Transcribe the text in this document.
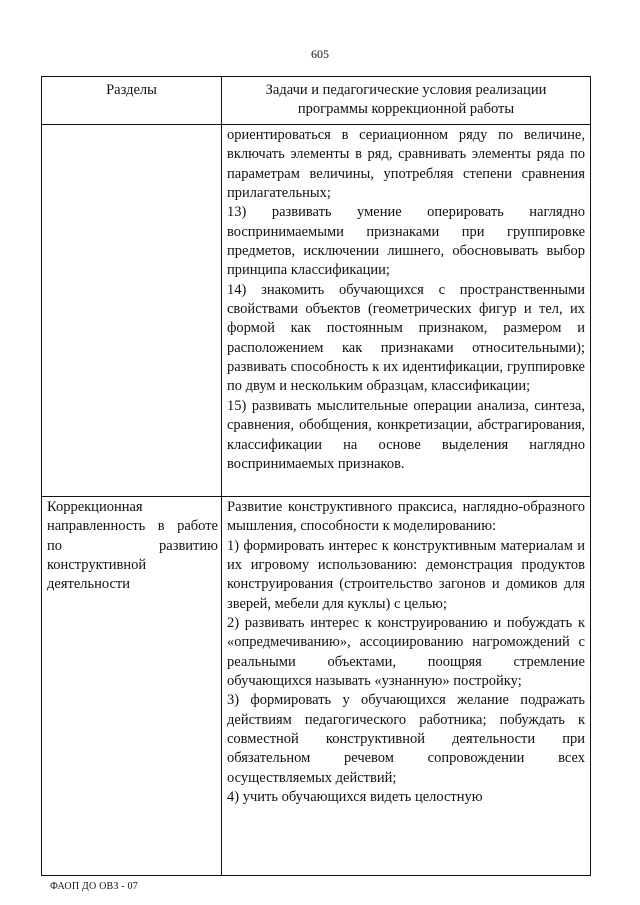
605
Разделы	Задачи и педагогические условия реализации программы коррекционной работы

	ориентироваться в сериационном ряду по величине, включать элементы в ряд, сравнивать элементы ряда по параметрам величины, употребляя степени сравнения прилагательных;

13) развивать умение оперировать наглядно воспринимаемыми признаками при группировке предметов, исключении лишнего, обосновывать выбор принципа классификации;

14) знакомить обучающихся с пространственными свойствами объектов (геометрических фигур и тел, их формой как постоянным признаком, размером и расположением как признаками относительными); развивать способность к их идентификации, группировке по двум и нескольким образцам, классификации;

15) развивать мыслительные операции анализа, синтеза, сравнения, обобщения, конкретизации, абстрагирования, классификации на основе выделения наглядно воспринимаемых признаков.

Коррекционная направленность в работе по развитию конструктивной деятельности	Развитие конструктивного праксиса, наглядно-образного мышления, способности к моделированию:

1) формировать интерес к конструктивным материалам и их игровому использованию: демонстрация продуктов конструирования (строительство загонов и домиков для зверей, мебели для куклы) с целью;

2) развивать интерес к конструированию и побуждать к «опредмечиванию», ассоциированию нагромождений с реальными объектами, поощряя стремление обучающихся называть «узнанную» постройку;

3) формировать у обучающихся желание подражать действиям педагогического работника; побуждать к совместной конструктивной деятельности при обязательном речевом сопровождении всех осуществляемых действий;

4) учить обучающихся видеть целостную

ФАОП ДО ОВЗ - 07
